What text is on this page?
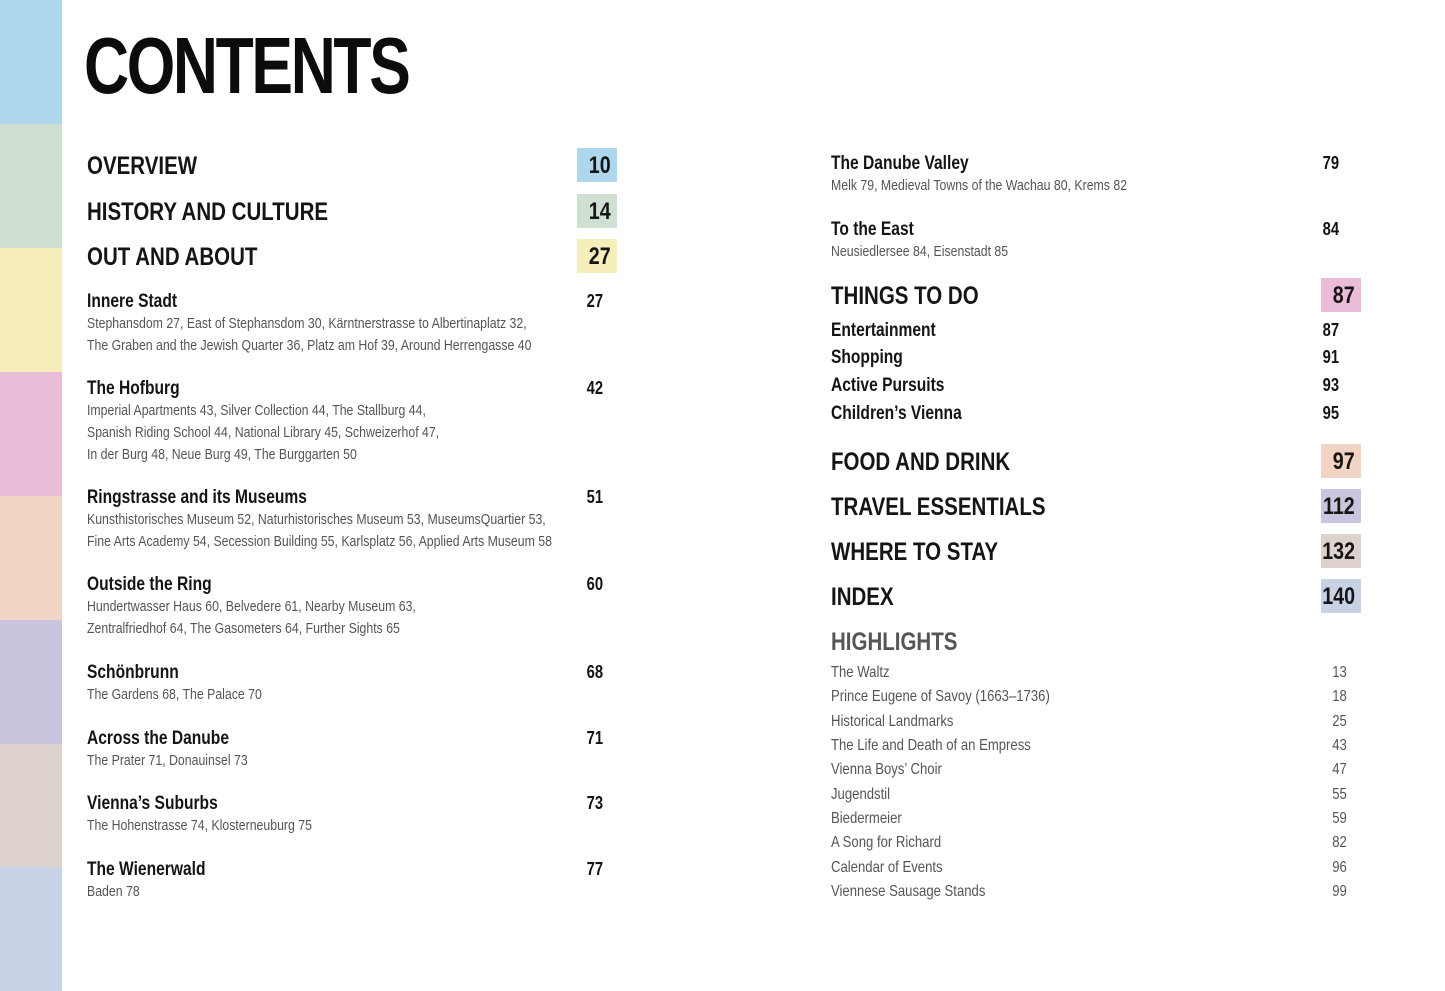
CONTENTS
OVERVIEW	10
HISTORY AND CULTURE	14
OUT AND ABOUT	27
Innere Stadt	27
Stephansdom 27, East of Stephansdom 30, Kärntnerstrasse to Albertinaplatz 32,
The Graben and the Jewish Quarter 36, Platz am Hof 39, Around Herrengasse 40
The Hofburg	42
Imperial Apartments 43, Silver Collection 44, The Stallburg 44,
Spanish Riding School 44, National Library 45, Schweizerhof 47,
In der Burg 48, Neue Burg 49, The Burggarten 50
Ringstrasse and its Museums	51
Kunsthistorisches Museum 52, Naturhistorisches Museum 53, MuseumsQuartier 53,
Fine Arts Academy 54, Secession Building 55, Karlsplatz 56, Applied Arts Museum 58
Outside the Ring	60
Hundertwasser Haus 60, Belvedere 61, Nearby Museum 63,
Zentralfriedhof 64, The Gasometers 64, Further Sights 65
Schönbrunn	68
The Gardens 68, The Palace 70
Across the Danube	71
The Prater 71, Donauinsel 73
Vienna’s Suburbs	73
The Hohenstrasse 74, Klosterneuburg 75
The Wienerwald	77
Baden 78
The Danube Valley	79
Melk 79, Medieval Towns of the Wachau 80, Krems 82
To the East	84
Neusiedlersee 84, Eisenstadt 85
THINGS TO DO	87
Entertainment	87
Shopping	91
Active Pursuits	93
Children’s Vienna	95
FOOD AND DRINK	97
TRAVEL ESSENTIALS	112
WHERE TO STAY	132
INDEX	140
HIGHLIGHTS
The Waltz	13
Prince Eugene of Savoy (1663–1736)	18
Historical Landmarks	25
The Life and Death of an Empress	43
Vienna Boys’ Choir	47
Jugendstil	55
Biedermeier	59
A Song for Richard	82
Calendar of Events	96
Viennese Sausage Stands	99
